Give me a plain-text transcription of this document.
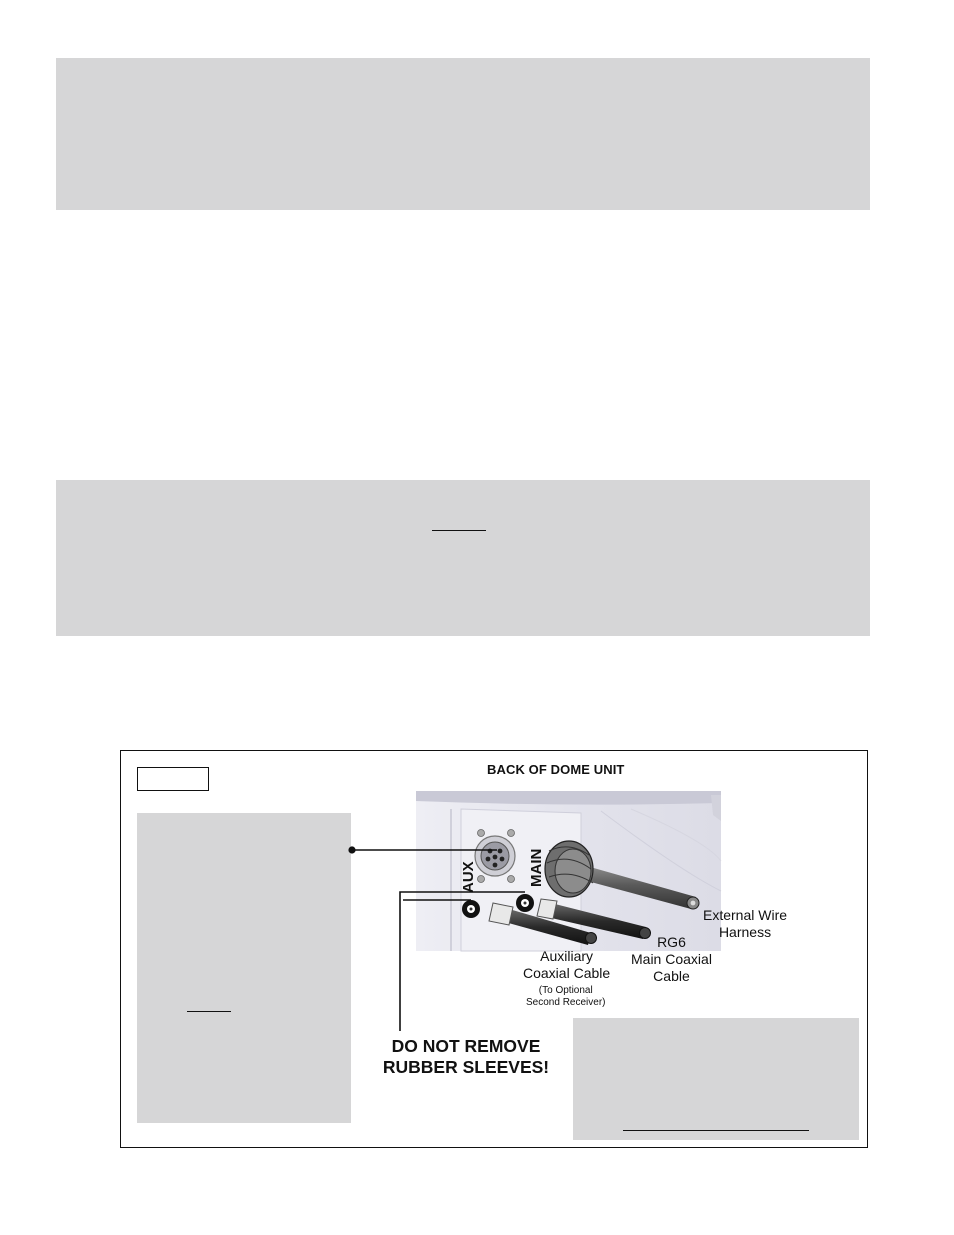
BACK OF DOME UNIT
AUX	MAIN
External Wire
Harness
RG6
Main Coaxial
Cable
Auxiliary
Coaxial Cable
(To Optional
Second Receiver)
DO NOT REMOVE
RUBBER SLEEVES!
